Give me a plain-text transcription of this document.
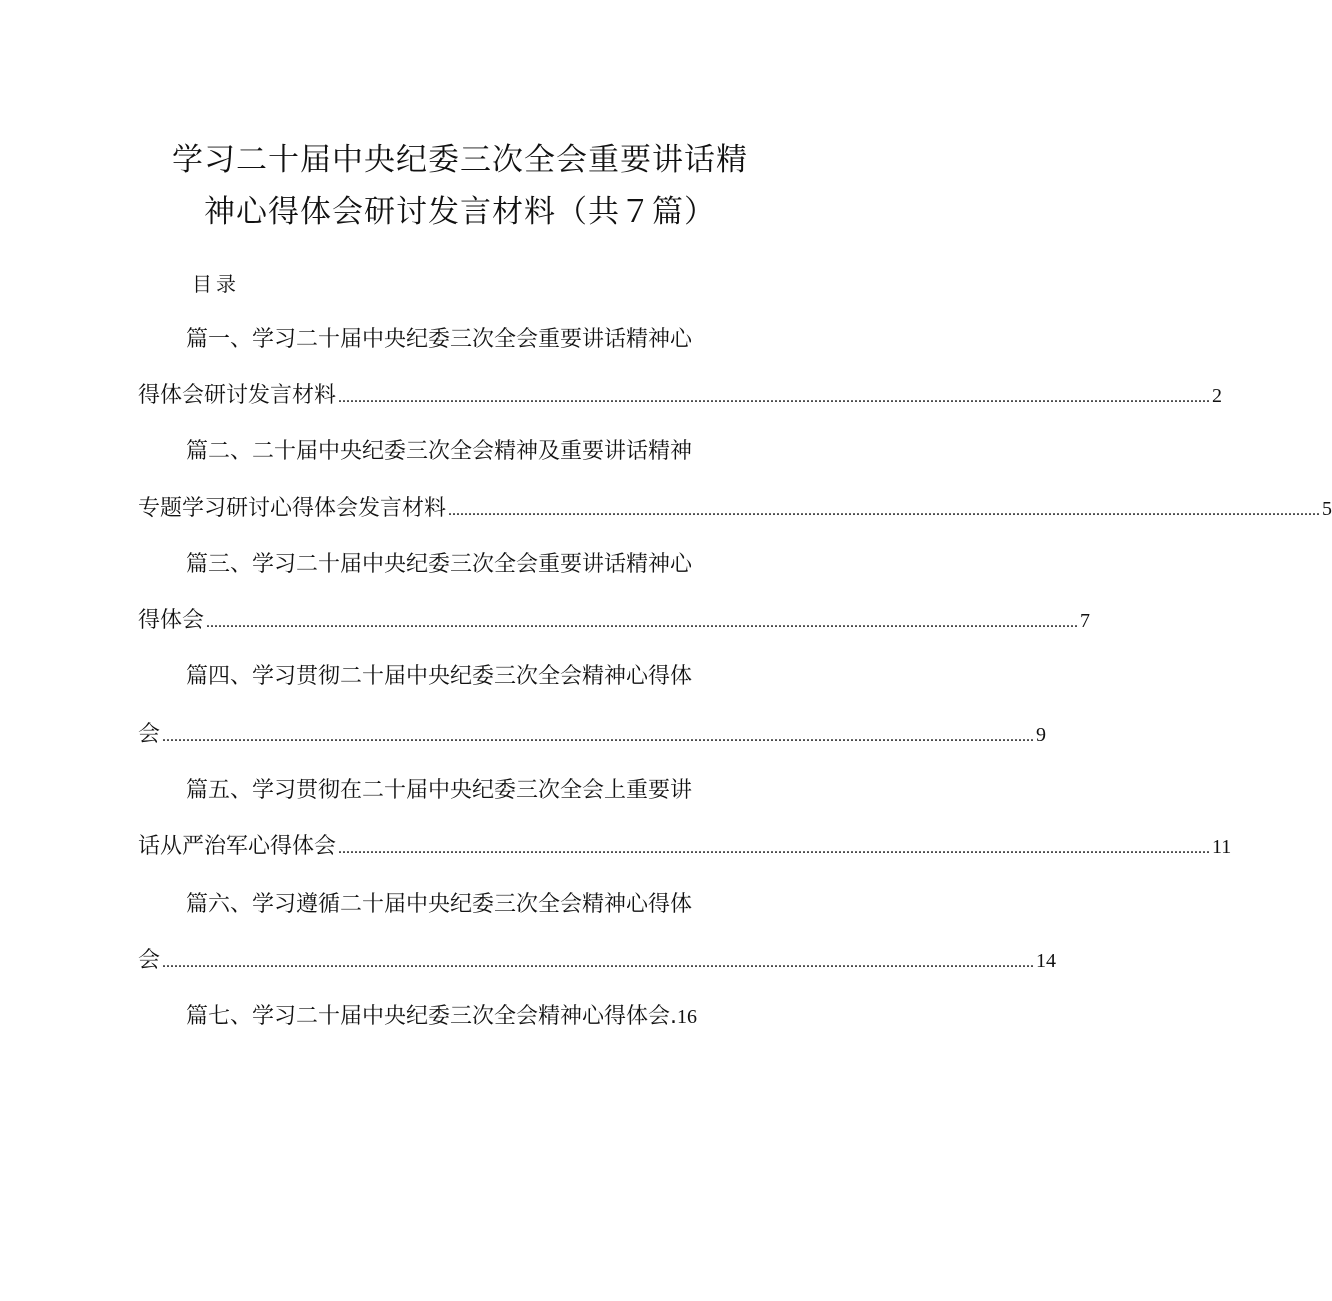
学习二十届中央纪委三次全会重要讲话精
神心得体会研讨发言材料（共７篇）
目录
篇一、学习二十届中央纪委三次全会重要讲话精神心
得体会研讨发言材料 .......................................................................................................................................................................................................................... 2
篇二、二十届中央纪委三次全会精神及重要讲话精神
专题学习研讨心得体会发言材料 .......................................................................................................................................................................................................................... 5
篇三、学习二十届中央纪委三次全会重要讲话精神心
得体会 .......................................................................................................................................................................................................................... 7
篇四、学习贯彻二十届中央纪委三次全会精神心得体
会 .......................................................................................................................................................................................................................... 9
篇五、学习贯彻在二十届中央纪委三次全会上重要讲
话从严治军心得体会 .......................................................................................................................................................................................................................... 11
篇六、学习遵循二十届中央纪委三次全会精神心得体
会 .......................................................................................................................................................................................................................... 14
篇七、学习二十届中央纪委三次全会精神心得体会.16
